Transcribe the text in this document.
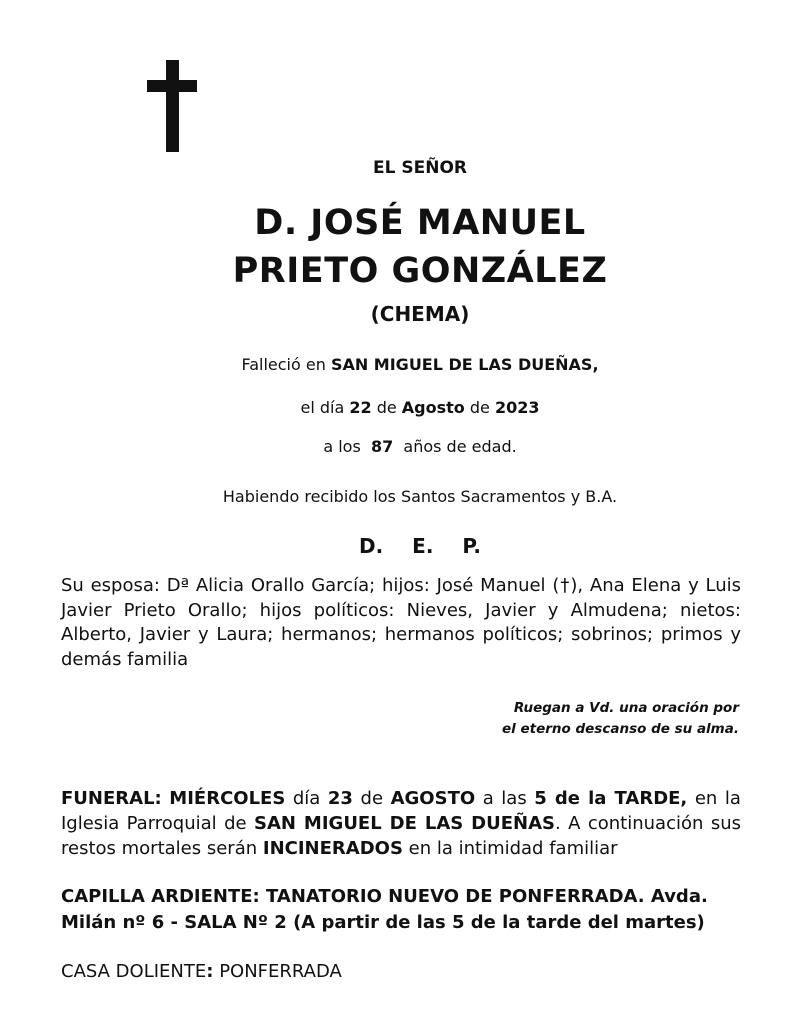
EL SEÑOR
D. JOSÉ MANUEL
PRIETO GONZÁLEZ
(CHEMA)
Falleció en SAN MIGUEL DE LAS DUEÑAS,
el día 22 de Agosto de 2023
a los 87 años de edad.
Habiendo recibido los Santos Sacramentos y B.A.
D. E. P.
Su esposa: Dª Alicia Orallo García; hijos: José Manuel (†), Ana Elena y Luis Javier Prieto Orallo; hijos políticos: Nieves, Javier y Almudena; nietos: Alberto, Javier y Laura; hermanos; hermanos políticos; sobrinos; primos y demás familia
Ruegan a Vd. una oración por
el eterno descanso de su alma.
FUNERAL: MIÉRCOLES día 23 de AGOSTO a las 5 de la TARDE, en la Iglesia Parroquial de SAN MIGUEL DE LAS DUEÑAS. A continuación sus restos mortales serán INCINERADOS en la intimidad familiar
CAPILLA ARDIENTE: TANATORIO NUEVO DE PONFERRADA. Avda. Milán nº 6 - SALA Nº 2 (A partir de las 5 de la tarde del martes)
CASA DOLIENTE: PONFERRADA
